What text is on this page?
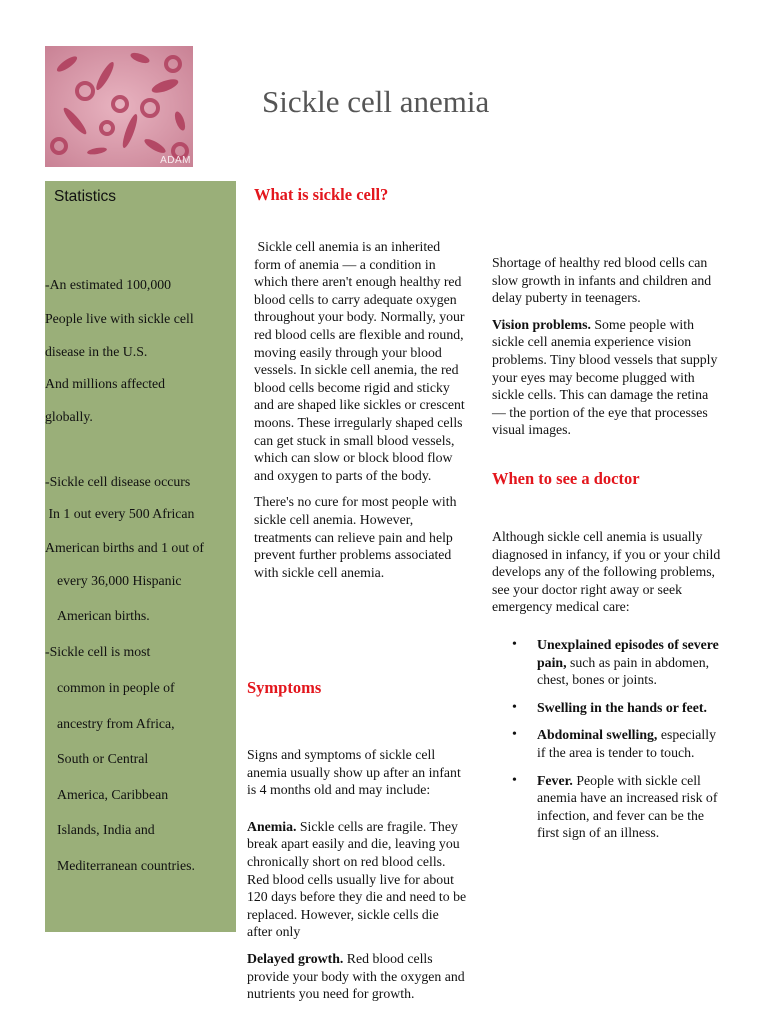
ADAM
Sickle cell anemia
Statistics
-An estimated 100,000
People live with sickle cell
disease in the U.S.
And millions affected
globally.
-Sickle cell disease occurs
In 1 out every 500 African
American births and 1 out of
every 36,000 Hispanic
American births.
-Sickle cell is most
common in people of
ancestry from Africa,
South or Central
America, Caribbean
Islands, India and
Mediterranean countries.
What is sickle cell?

Sickle cell anemia is an inherited form of anemia — a condition in which there aren't enough healthy red blood cells to carry adequate oxygen throughout your body. Normally, your red blood cells are flexible and round, moving easily through your blood vessels. In sickle cell anemia, the red blood cells become rigid and sticky and are shaped like sickles or crescent moons. These irregularly shaped cells can get stuck in small blood vessels, which can slow or block blood flow and oxygen to parts of the body.

There's no cure for most people with sickle cell anemia. However, treatments can relieve pain and help prevent further problems associated with sickle cell anemia.

Symptoms

Signs and symptoms of sickle cell anemia usually show up after an infant is 4 months old and may include:

Anemia. Sickle cells are fragile. They break apart easily and die, leaving you chronically short on red blood cells. Red blood cells usually live for about 120 days before they die and need to be replaced. However, sickle cells die after only

Delayed growth. Red blood cells provide your body with the oxygen and nutrients you need for growth.

Shortage of healthy red blood cells can slow growth in infants and children and delay puberty in teenagers.

Vision problems. Some people with sickle cell anemia experience vision problems. Tiny blood vessels that supply your eyes may become plugged with sickle cells. This can damage the retina — the portion of the eye that processes visual images.

When to see a doctor

Although sickle cell anemia is usually diagnosed in infancy, if you or your child develops any of the following problems, see your doctor right away or seek emergency medical care:

• Unexplained episodes of severe pain, such as pain in abdomen, chest, bones or joints.
• Swelling in the hands or feet.
• Abdominal swelling, especially if the area is tender to touch.
• Fever. People with sickle cell anemia have an increased risk of infection, and fever can be the first sign of an illness.
